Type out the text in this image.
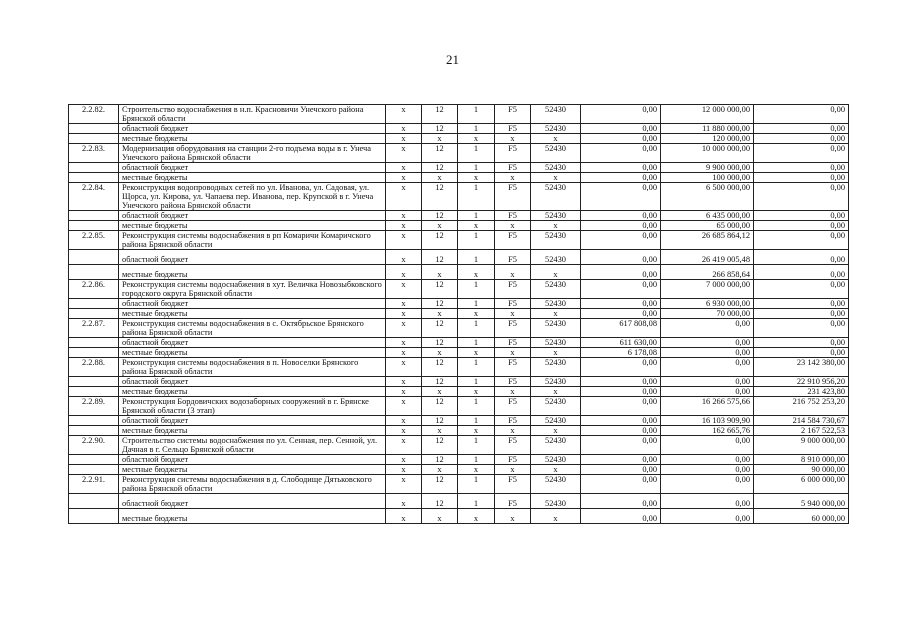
21
2.2.82.	Строительство водоснабжения в н.п. Красновичи Унечского района Брянской области	x	12	1	F5	52430	0,00	12 000 000,00	0,00
	областной бюджет	x	12	1	F5	52430	0,00	11 880 000,00	0,00
	местные бюджеты	x	x	x	x	x	0,00	120 000,00	0,00
2.2.83.	Модернизация оборудования на станции 2-го подъема воды в г. Унеча Унечского района Брянской области	x	12	1	F5	52430	0,00	10 000 000,00	0,00
	областной бюджет	x	12	1	F5	52430	0,00	9 900 000,00	0,00
	местные бюджеты	x	x	x	x	x	0,00	100 000,00	0,00
2.2.84.	Реконструкция водопроводных сетей по ул. Иванова, ул. Садовая, ул. Щорса, ул. Кирова, ул. Чапаева пер. Иванова, пер. Крупской в г. Унеча Унечского района Брянской области	x	12	1	F5	52430	0,00	6 500 000,00	0,00
	областной бюджет	x	12	1	F5	52430	0,00	6 435 000,00	0,00
	местные бюджеты	x	x	x	x	x	0,00	65 000,00	0,00
2.2.85.	Реконструкция системы водоснабжения в рп Комаричи Комаричского района Брянской области	x	12	1	F5	52430	0,00	26 685 864,12	0,00
	областной бюджет	x	12	1	F5	52430	0,00	26 419 005,48	0,00
	местные бюджеты	x	x	x	x	x	0,00	266 858,64	0,00
2.2.86.	Реконструкция системы водоснабжения в хут. Величка Новозыбковского городского округа Брянской области	x	12	1	F5	52430	0,00	7 000 000,00	0,00
	областной бюджет	x	12	1	F5	52430	0,00	6 930 000,00	0,00
	местные бюджеты	x	x	x	x	x	0,00	70 000,00	0,00
2.2.87.	Реконструкция системы водоснабжения в с. Октябрьское Брянского района Брянской области	x	12	1	F5	52430	617 808,08	0,00	0,00
	областной бюджет	x	12	1	F5	52430	611 630,00	0,00	0,00
	местные бюджеты	x	x	x	x	x	6 178,08	0,00	0,00
2.2.88.	Реконструкция системы водоснабжения в п. Новоселки Брянского района Брянской области	x	12	1	F5	52430	0,00	0,00	23 142 380,00
	областной бюджет	x	12	1	F5	52430	0,00	0,00	22 910 956,20
	местные бюджеты	x	x	x	x	x	0,00	0,00	231 423,80
2.2.89.	Реконструкция Бордовичских водозаборных сооружений в г. Брянске Брянской области (3 этап)	x	12	1	F5	52430	0,00	16 266 575,66	216 752 253,20
	областной бюджет	x	12	1	F5	52430	0,00	16 103 909,90	214 584 730,67
	местные бюджеты	x	x	x	x	x	0,00	162 665,76	2 167 522,53
2.2.90.	Строительство системы водоснабжения по ул. Сенная, пер. Сенной, ул. Дачная в г. Сельцо Брянской области	x	12	1	F5	52430	0,00	0,00	9 000 000,00
	областной бюджет	x	12	1	F5	52430	0,00	0,00	8 910 000,00
	местные бюджеты	x	x	x	x	x	0,00	0,00	90 000,00
2.2.91.	Реконструкция системы водоснабжения в д. Слободище Дятьковского района Брянской области	x	12	1	F5	52430	0,00	0,00	6 000 000,00
	областной бюджет	x	12	1	F5	52430	0,00	0,00	5 940 000,00
	местные бюджеты	x	x	x	x	x	0,00	0,00	60 000,00
